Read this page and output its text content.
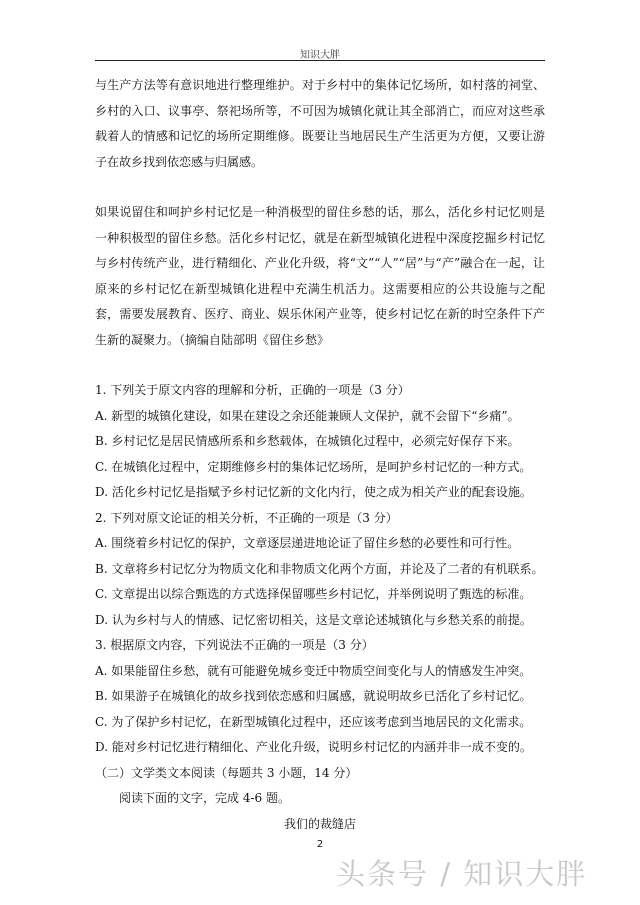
知识大胖

与生产方法等有意识地进行整理维护。对于乡村中的集体记忆场所，如村落的祠堂、乡村的入口、议事亭、祭祀场所等，不可因为城镇化就让其全部消亡，而应对这些承载着人的情感和记忆的场所定期维修。既要让当地居民生产生活更为方便，又要让游子在故乡找到依恋感与归属感。

如果说留住和呵护乡村记忆是一种消极型的留住乡愁的话，那么，活化乡村记忆则是一种积极型的留住乡愁。活化乡村记忆，就是在新型城镇化进程中深度挖掘乡村记忆与乡村传统产业，进行精细化、产业化升级，将“文”“人”“居”与“产”融合在一起，让原来的乡村记忆在新型城镇化进程中充满生机活力。这需要相应的公共设施与之配套，需要发展教育、医疗、商业、娱乐休闲产业等，使乡村记忆在新的时空条件下产生新的凝聚力。（摘编自陆部明《留住乡愁》

1. 下列关于原文内容的理解和分析，正确的一项是（3 分）

A. 新型的城镇化建设，如果在建设之余还能兼顾人文保护，就不会留下“乡痛”。

B. 乡村记忆是居民情感所系和乡愁载体，在城镇化过程中，必须完好保存下来。

C. 在城镇化过程中，定期维修乡村的集体记忆场所，是呵护乡村记忆的一种方式。

D. 活化乡村记忆是指赋予乡村记忆新的文化内行，使之成为相关产业的配套设施。

2. 下列对原文论证的相关分析，不正确的一项是（3 分）

A. 围绕着乡村记忆的保护，文章逐层递进地论证了留住乡愁的必要性和可行性。

B. 文章将乡村记忆分为物质文化和非物质文化两个方面，并论及了二者的有机联系。

C. 文章提出以综合甄选的方式选择保留哪些乡村记忆，并举例说明了甄选的标准。

D. 认为乡村与人的情感、记忆密切相关，这是文章论述城镇化与乡愁关系的前提。

3. 根据原文内容，下列说法不正确的一项是（3 分）

A. 如果能留住乡愁，就有可能避免城乡变迁中物质空间变化与人的情感发生冲突。

B. 如果游子在城镇化的故乡找到依恋感和归属感，就说明故乡已活化了乡村记忆。

C. 为了保护乡村记忆，在新型城镇化过程中，还应该考虑到当地居民的文化需求。

D. 能对乡村记忆进行精细化、产业化升级，说明乡村记忆的内涵并非一成不变的。

（二）文学类文本阅读（每题共 3 小题，14 分）

阅读下面的文字，完成 4-6 题。

我们的裁缝店

2
头条号 / 知识大胖
